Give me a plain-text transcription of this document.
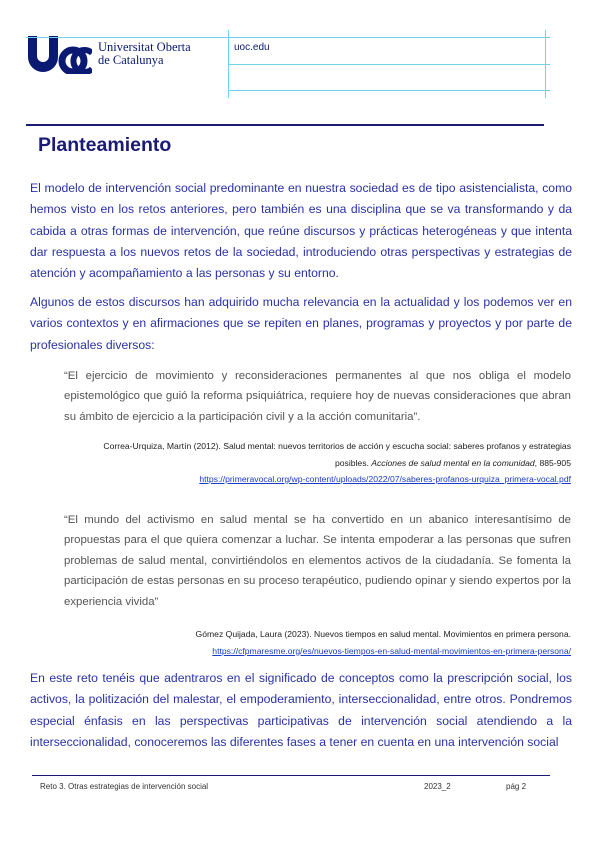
Universitat Oberta
de Catalunya
uoc.edu
Planteamiento

El modelo de intervención social predominante en nuestra sociedad es de tipo asistencialista, como hemos visto en los retos anteriores, pero también es una disciplina que se va transformando y da cabida a otras formas de intervención, que reúne discursos y prácticas heterogéneas y que intenta dar respuesta a los nuevos retos de la sociedad, introduciendo otras perspectivas y estrategias de atención y acompañamiento a las personas y su entorno.

Algunos de estos discursos han adquirido mucha relevancia en la actualidad y los podemos ver en varios contextos y en afirmaciones que se repiten en planes, programas y proyectos y por parte de profesionales diversos:

“El ejercicio de movimiento y reconsideraciones permanentes al que nos obliga el modelo epistemológico que guió la reforma psiquiátrica, requiere hoy de nuevas consideraciones que abran su ámbito de ejercicio a la participación civil y a la acción comunitaria”.

Correa-Urquiza, Martín (2012). Salud mental: nuevos territorios de acción y escucha social: saberes profanos y estrategias posibles. Acciones de salud mental en la comunidad, 885-905
https://primeravocal.org/wp-content/uploads/2022/07/saberes-profanos-urquiza_primera-vocal.pdf

“El mundo del activismo en salud mental se ha convertido en un abanico interesantísimo de propuestas para el que quiera comenzar a luchar. Se intenta empoderar a las personas que sufren problemas de salud mental, convirtiéndolos en elementos activos de la ciudadanía. Se fomenta la participación de estas personas en su proceso terapéutico, pudiendo opinar y siendo expertos por la experiencia vivida”

Gómez Quijada, Laura (2023). Nuevos tiempos en salud mental. Movimientos en primera persona.
https://cfpmaresme.org/es/nuevos-tiempos-en-salud-mental-movimientos-en-primera-persona/

En este reto tenéis que adentraros en el significado de conceptos como la prescripción social, los activos, la politización del malestar, el empoderamiento, interseccionalidad, entre otros. Pondremos especial énfasis en las perspectivas participativas de intervención social atendiendo a la interseccionalidad, conoceremos las diferentes fases a tener en cuenta en una intervención social

Reto 3. Otras estrategias de intervención social	2023_2	pág 2
